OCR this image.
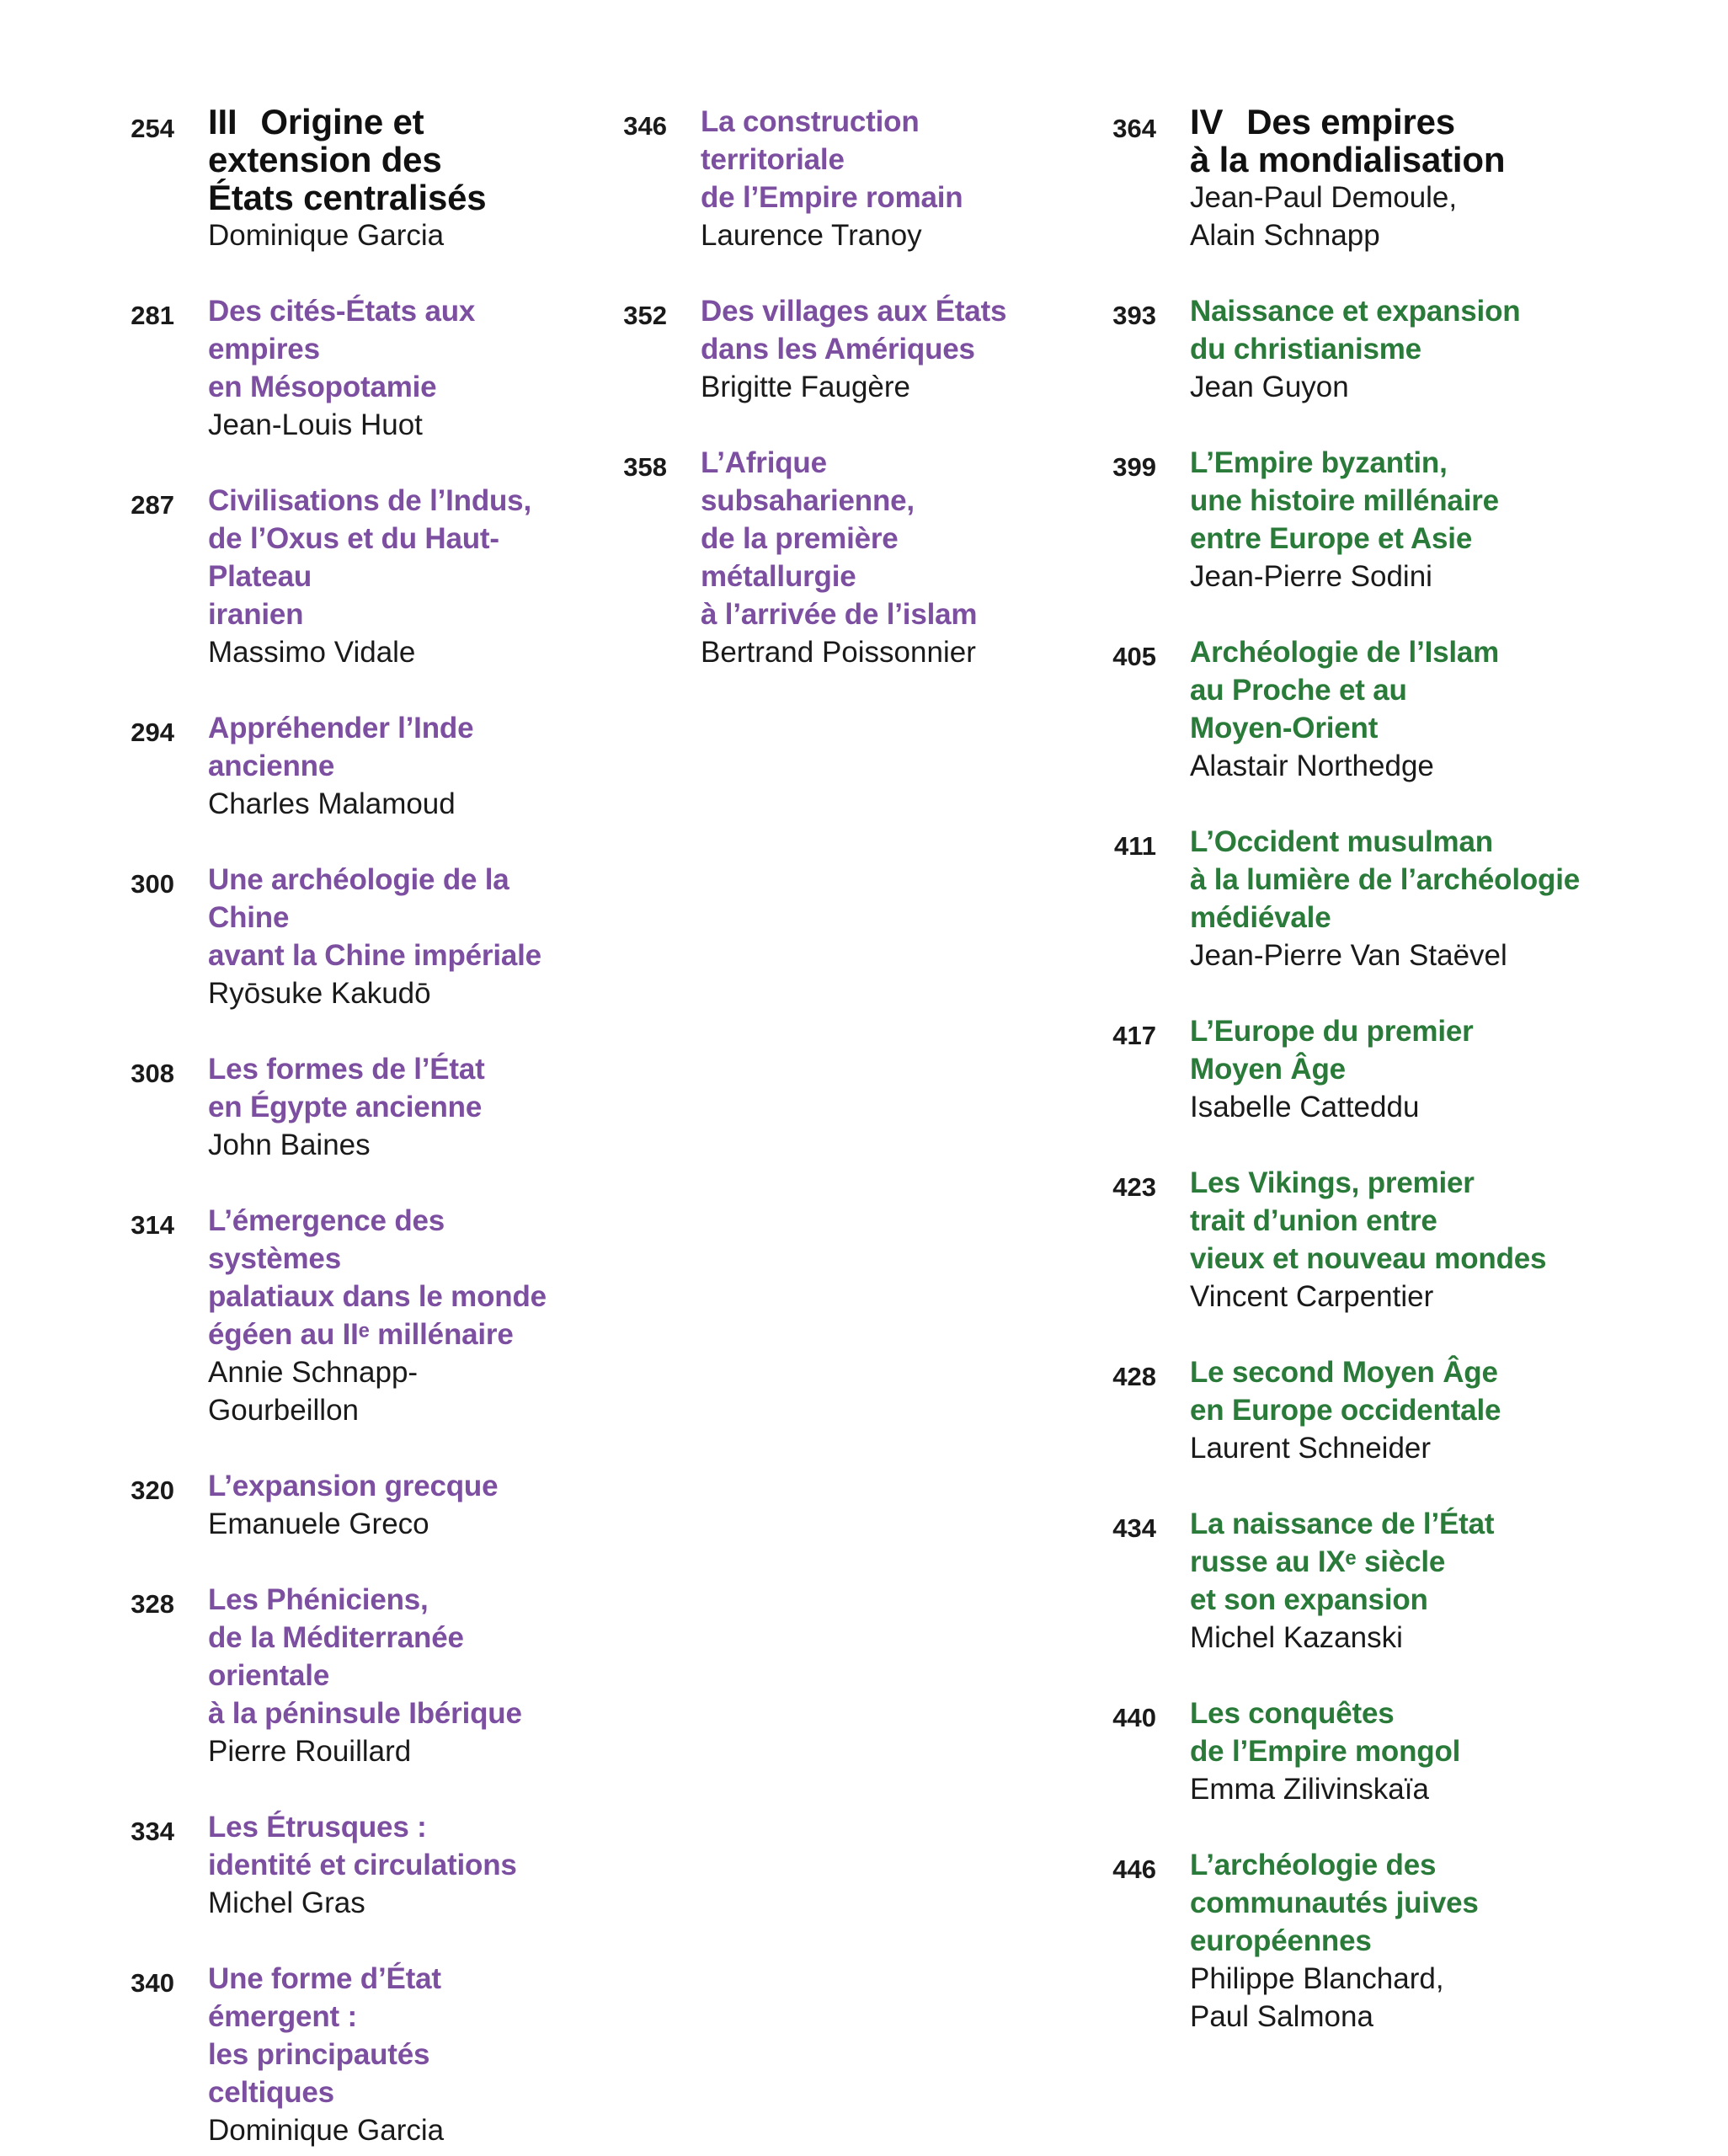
254 III Origine et
extension des
États centralisés
Dominique Garcia
281 Des cités-États aux empires
en Mésopotamie
Jean-Louis Huot
287 Civilisations de l’Indus,
de l’Oxus et du Haut-Plateau
iranien
Massimo Vidale
294 Appréhender l’Inde
ancienne
Charles Malamoud
300 Une archéologie de la Chine
avant la Chine impériale
Ryōsuke Kakudō
308 Les formes de l’État
en Égypte ancienne
John Baines
314 L’émergence des systèmes
palatiaux dans le monde
égéen au IIᵉ millénaire
Annie Schnapp-Gourbeillon
320 L’expansion grecque
Emanuele Greco
328 Les Phéniciens,
de la Méditerranée orientale
à la péninsule Ibérique
Pierre Rouillard
334 Les Étrusques :
identité et circulations
Michel Gras
340 Une forme d’État émergent :
les principautés celtiques
Dominique Garcia
346 La construction territoriale
de l’Empire romain
Laurence Tranoy
352 Des villages aux États
dans les Amériques
Brigitte Faugère
358 L’Afrique subsaharienne,
de la première métallurgie
à l’arrivée de l’islam
Bertrand Poissonnier
364 IV Des empires
à la mondialisation
Jean-Paul Demoule,
Alain Schnapp
393 Naissance et expansion
du christianisme
Jean Guyon
399 L’Empire byzantin,
une histoire millénaire
entre Europe et Asie
Jean-Pierre Sodini
405 Archéologie de l’Islam
au Proche et au
Moyen-Orient
Alastair Northedge
411 L’Occident musulman
à la lumière de l’archéologie
médiévale
Jean-Pierre Van Staëvel
417 L’Europe du premier
Moyen Âge
Isabelle Catteddu
423 Les Vikings, premier
trait d’union entre
vieux et nouveau mondes
Vincent Carpentier
428 Le second Moyen Âge
en Europe occidentale
Laurent Schneider
434 La naissance de l’État
russe au IXᵉ siècle
et son expansion
Michel Kazanski
440 Les conquêtes
de l’Empire mongol
Emma Zilivinskaïa
446 L’archéologie des
communautés juives
européennes
Philippe Blanchard,
Paul Salmona
